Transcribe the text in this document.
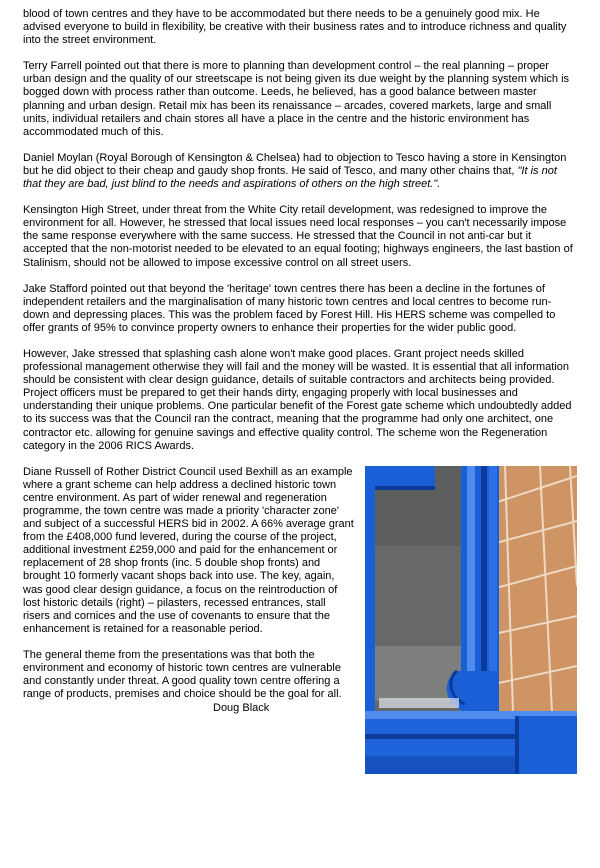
blood of town centres and they have to be accommodated but there needs to be a genuinely good mix. He advised everyone to build in flexibility, be creative with their business rates and to introduce richness and quality into the street environment.

Terry Farrell pointed out that there is more to planning than development control – the real planning – proper urban design and the quality of our streetscape is not being given its due weight by the planning system which is bogged down with process rather than outcome. Leeds, he believed, has a good balance between master planning and urban design. Retail mix has been its renaissance – arcades, covered markets, large and small units, individual retailers and chain stores all have a place in the centre and the historic environment has accommodated much of this.

Daniel Moylan (Royal Borough of Kensington & Chelsea) had to objection to Tesco having a store in Kensington but he did object to their cheap and gaudy shop fronts. He said of Tesco, and many other chains that, "It is not that they are bad, just blind to the needs and aspirations of others on the high street.".

Kensington High Street, under threat from the White City retail development, was redesigned to improve the environment for all. However, he stressed that local issues need local responses – you can't necessarily impose the same response everywhere with the same success. He stressed that the Council in not anti-car but it accepted that the non-motorist needed to be elevated to an equal footing; highways engineers, the last bastion of Stalinism, should not be allowed to impose excessive control on all street users.

Jake Stafford pointed out that beyond the 'heritage' town centres there has been a decline in the fortunes of independent retailers and the marginalisation of many historic town centres and local centres to become run-down and depressing places. This was the problem faced by Forest Hill. His HERS scheme was compelled to offer grants of 95% to convince property owners to enhance their properties for the wider public good.

However, Jake stressed that splashing cash alone won't make good places. Grant project needs skilled professional management otherwise they will fail and the money will be wasted. It is essential that all information should be consistent with clear design guidance, details of suitable contractors and architects being provided. Project officers must be prepared to get their hands dirty, engaging properly with local businesses and understanding their unique problems. One particular benefit of the Forest gate scheme which undoubtedly added to its success was that the Council ran the contract, meaning that the programme had only one architect, one contractor etc. allowing for genuine savings and effective quality control. The scheme won the Regeneration category in the 2006 RICS Awards.

Diane Russell of Rother District Council used Bexhill as an example where a grant scheme can help address a declined historic town centre environment. As part of wider renewal and regeneration programme, the town centre was made a priority 'character zone' and subject of a successful HERS bid in 2002. A 66% average grant from the £408,000 fund levered, during the course of the project, additional investment £259,000 and paid for the enhancement or replacement of 28 shop fronts (inc. 5 double shop fronts) and brought 10 formerly vacant shops back into use. The key, again, was good clear design guidance, a focus on the reintroduction of lost historic details (right) – pilasters, recessed entrances, stall risers and cornices and the use of covenants to ensure that the enhancement is retained for a reasonable period.

The general theme from the presentations was that both the environment and economy of historic town centres are vulnerable and constantly under threat. A good quality town centre offering a range of products, premises and choice should be the goal for all.

Doug Black
